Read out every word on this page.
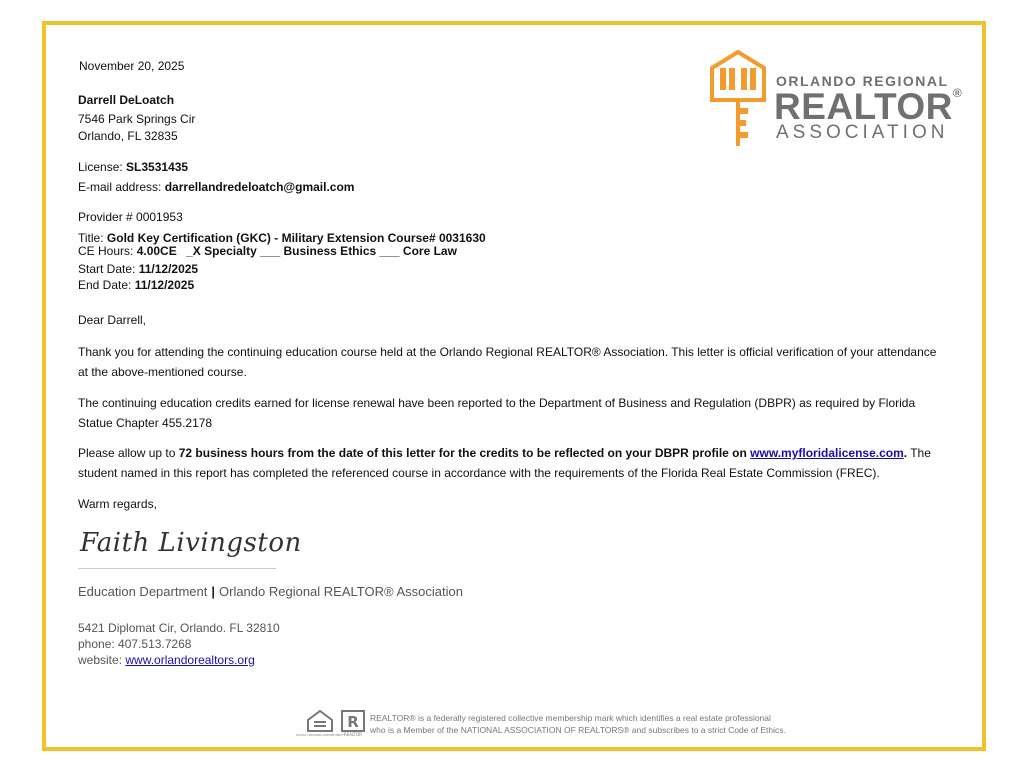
ORLANDO REGIONAL
REALTOR®
ASSOCIATION
November 20, 2025
Darrell DeLoatch
7546 Park Springs Cir
Orlando, FL 32835
License: SL3531435
E-mail address: darrellandredeloatch@gmail.com
Provider # 0001953
Title: Gold Key Certification (GKC) - Military Extension Course# 0031630
CE Hours: 4.00CE _X Specialty ___ Business Ethics ___ Core Law
Start Date: 11/12/2025
End Date: 11/12/2025
Dear Darrell,
Thank you for attending the continuing education course held at the Orlando Regional REALTOR® Association. This letter is official verification of your attendance at the above-mentioned course.
The continuing education credits earned for license renewal have been reported to the Department of Business and Regulation (DBPR) as required by Florida Statue Chapter 455.2178
Please allow up to 72 business hours from the date of this letter for the credits to be reflected on your DBPR profile on www.myfloridalicense.com. The student named in this report has completed the referenced course in accordance with the requirements of the Florida Real Estate Commission (FREC).
Warm regards,
Faith Livingston
Education Department | Orlando Regional REALTOR® Association
5421 Diplomat Cir, Orlando. FL 32810
phone: 407.513.7268
website: www.orlandorealtors.org
EQUAL HOUSING OPPORTUNITY
R
REALTOR
REALTOR® is a federally registered collective membership mark which identifies a real estate professional
who is a Member of the NATIONAL ASSOCIATION OF REALTORS® and subscribes to a strict Code of Ethics.
